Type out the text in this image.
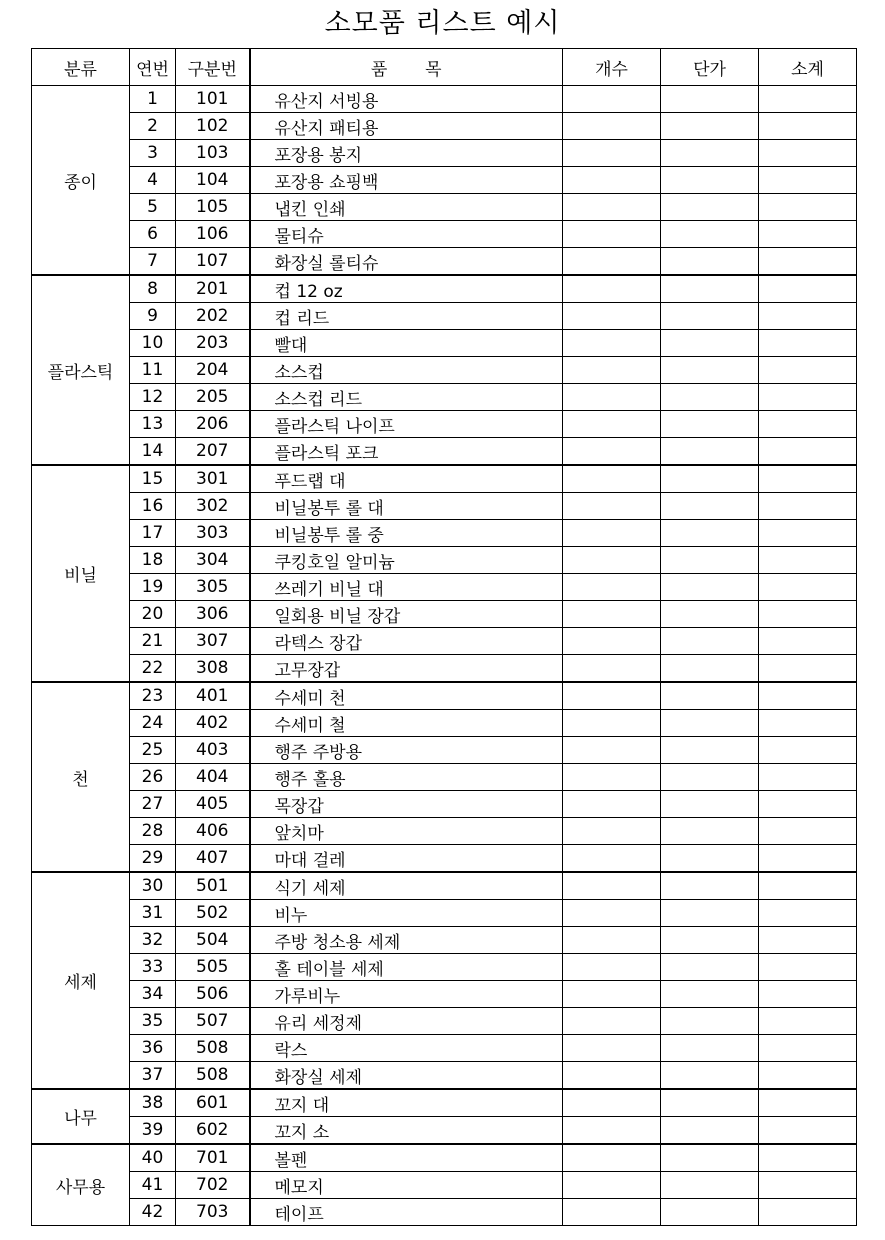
소모품 리스트 예시
분류	연번	구분번	품       목	개수	단가	소계
종이	1	101	유산지 서빙용			
	2	102	유산지 패티용			
	3	103	포장용 봉지			
	4	104	포장용 쇼핑백			
	5	105	냅킨 인쇄			
	6	106	물티슈			
	7	107	화장실 롤티슈			
플라스틱	8	201	컵 12 oz			
	9	202	컵 리드			
	10	203	빨대			
	11	204	소스컵			
	12	205	소스컵 리드			
	13	206	플라스틱 나이프			
	14	207	플라스틱 포크			
비닐	15	301	푸드랩 대			
	16	302	비닐봉투 롤 대			
	17	303	비닐봉투 롤 중			
	18	304	쿠킹호일 알미늄			
	19	305	쓰레기 비닐 대			
	20	306	일회용 비닐 장갑			
	21	307	라텍스 장갑			
	22	308	고무장갑			
천	23	401	수세미 천			
	24	402	수세미 철			
	25	403	행주 주방용			
	26	404	행주 홀용			
	27	405	목장갑			
	28	406	앞치마			
	29	407	마대 걸레			
세제	30	501	식기 세제			
	31	502	비누			
	32	504	주방 청소용 세제			
	33	505	홀 테이블 세제			
	34	506	가루비누			
	35	507	유리 세정제			
	36	508	락스			
	37	508	화장실 세제			
나무	38	601	꼬지 대			
	39	602	꼬지 소			
사무용	40	701	볼펜			
	41	702	메모지			
	42	703	테이프			
